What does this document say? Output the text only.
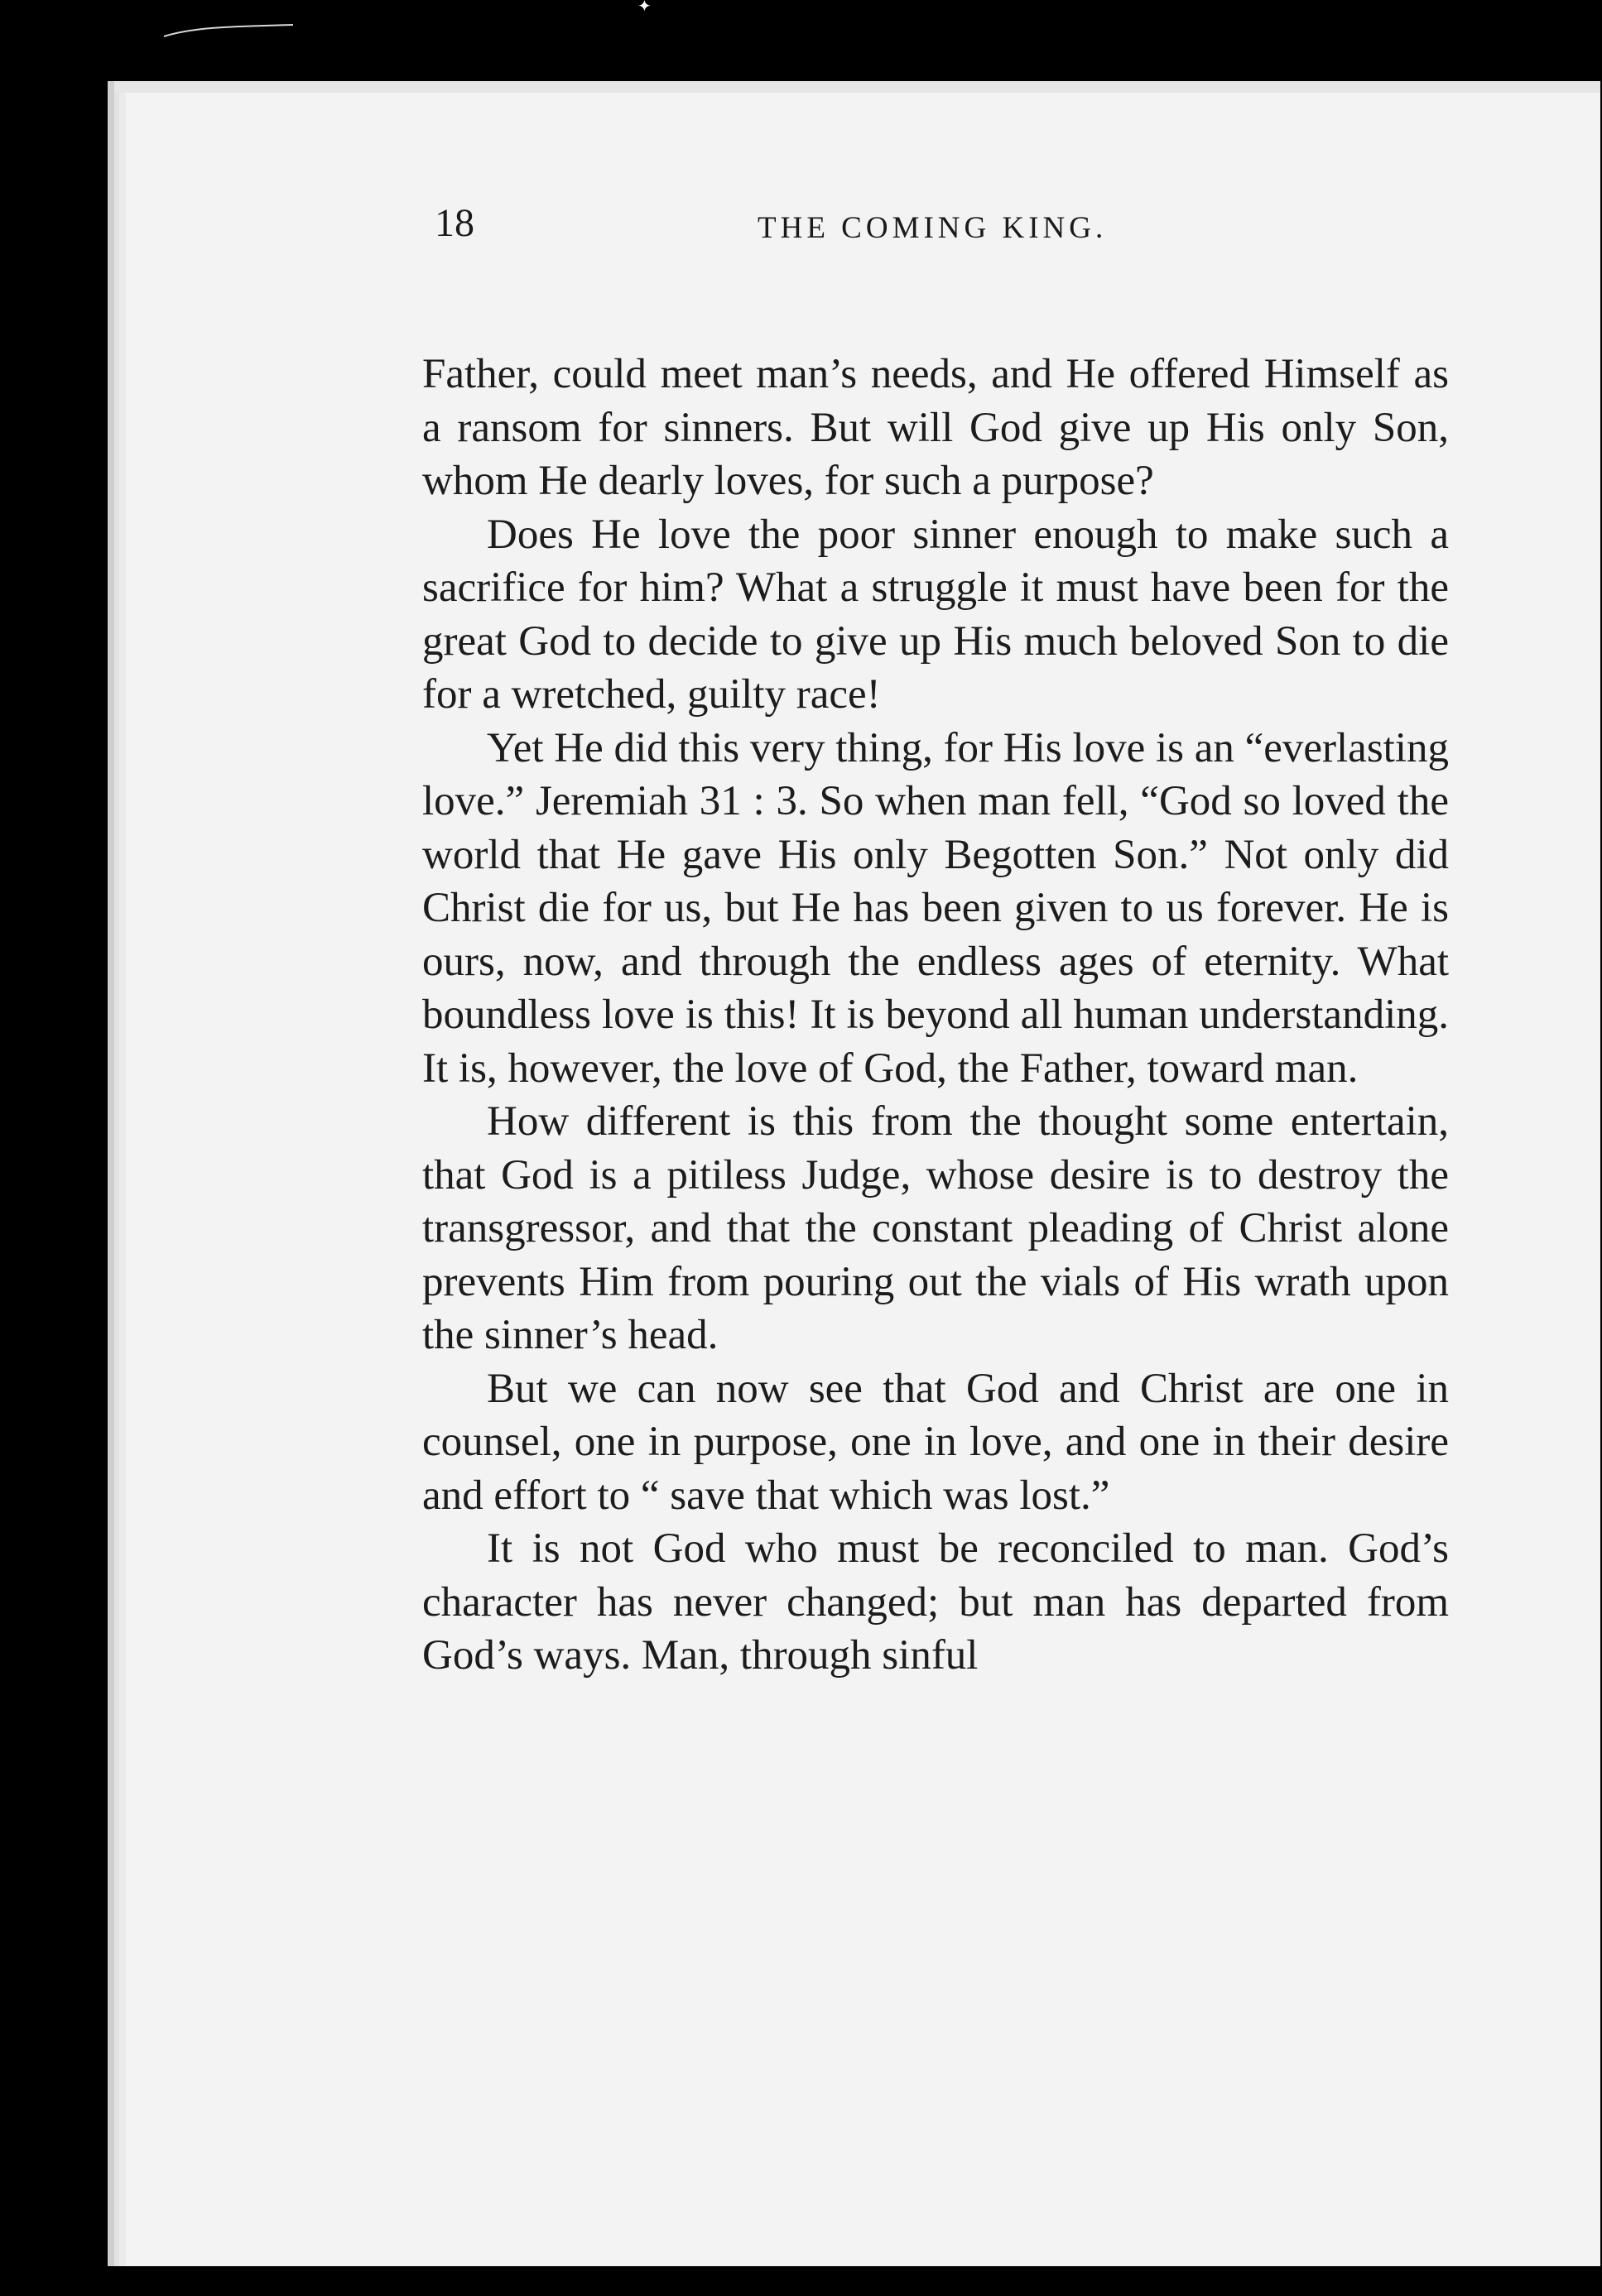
✦
18	THE COMING KING.

Father, could meet man’s needs, and He offered Himself as a ransom for sinners. But will God give up His only Son, whom He dearly loves, for such a purpose?

Does He love the poor sinner enough to make such a sacrifice for him? What a struggle it must have been for the great God to decide to give up His much beloved Son to die for a wretched, guilty race!

Yet He did this very thing, for His love is an “everlasting love.” Jeremiah 31 : 3. So when man fell, “God so loved the world that He gave His only Begotten Son.” Not only did Christ die for us, but He has been given to us forever. He is ours, now, and through the endless ages of eternity. What boundless love is this! It is beyond all human understanding. It is, however, the love of God, the Father, toward man.

How different is this from the thought some entertain, that God is a pitiless Judge, whose desire is to destroy the transgressor, and that the constant pleading of Christ alone prevents Him from pouring out the vials of His wrath upon the sinner’s head.

But we can now see that God and Christ are one in counsel, one in purpose, one in love, and one in their desire and effort to “ save that which was lost.”

It is not God who must be reconciled to man. God’s character has never changed; but man has departed from God’s ways. Man, through sinful
